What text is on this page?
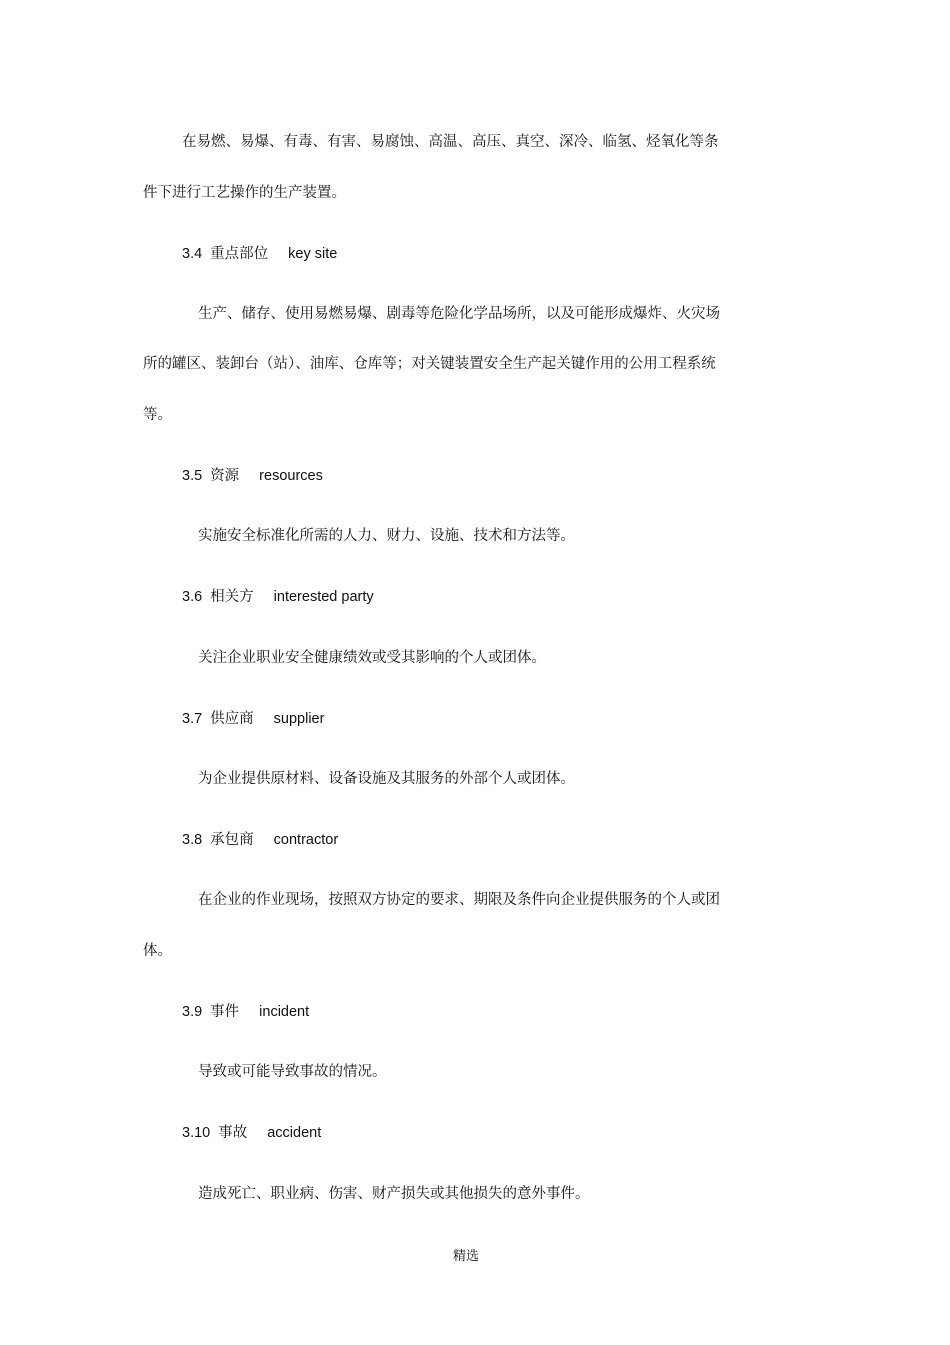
在易燃、易爆、有毒、有害、易腐蚀、高温、高压、真空、深冷、临氢、烃氧化等条
件下进行工艺操作的生产装置。
3.4 重点部位 key site
生产、储存、使用易燃易爆、剧毒等危险化学品场所，以及可能形成爆炸、火灾场
所的罐区、装卸台（站）、油库、仓库等；对关键装置安全生产起关键作用的公用工程系统
等。
3.5 资源 resources
实施安全标准化所需的人力、财力、设施、技术和方法等。
3.6 相关方 interested party
关注企业职业安全健康绩效或受其影响的个人或团体。
3.7 供应商 supplier
为企业提供原材料、设备设施及其服务的外部个人或团体。
3.8 承包商 contractor
在企业的作业现场，按照双方协定的要求、期限及条件向企业提供服务的个人或团
体。
3.9 事件 incident
导致或可能导致事故的情况。
3.10 事故 accident
造成死亡、职业病、伤害、财产损失或其他损失的意外事件。
精选
